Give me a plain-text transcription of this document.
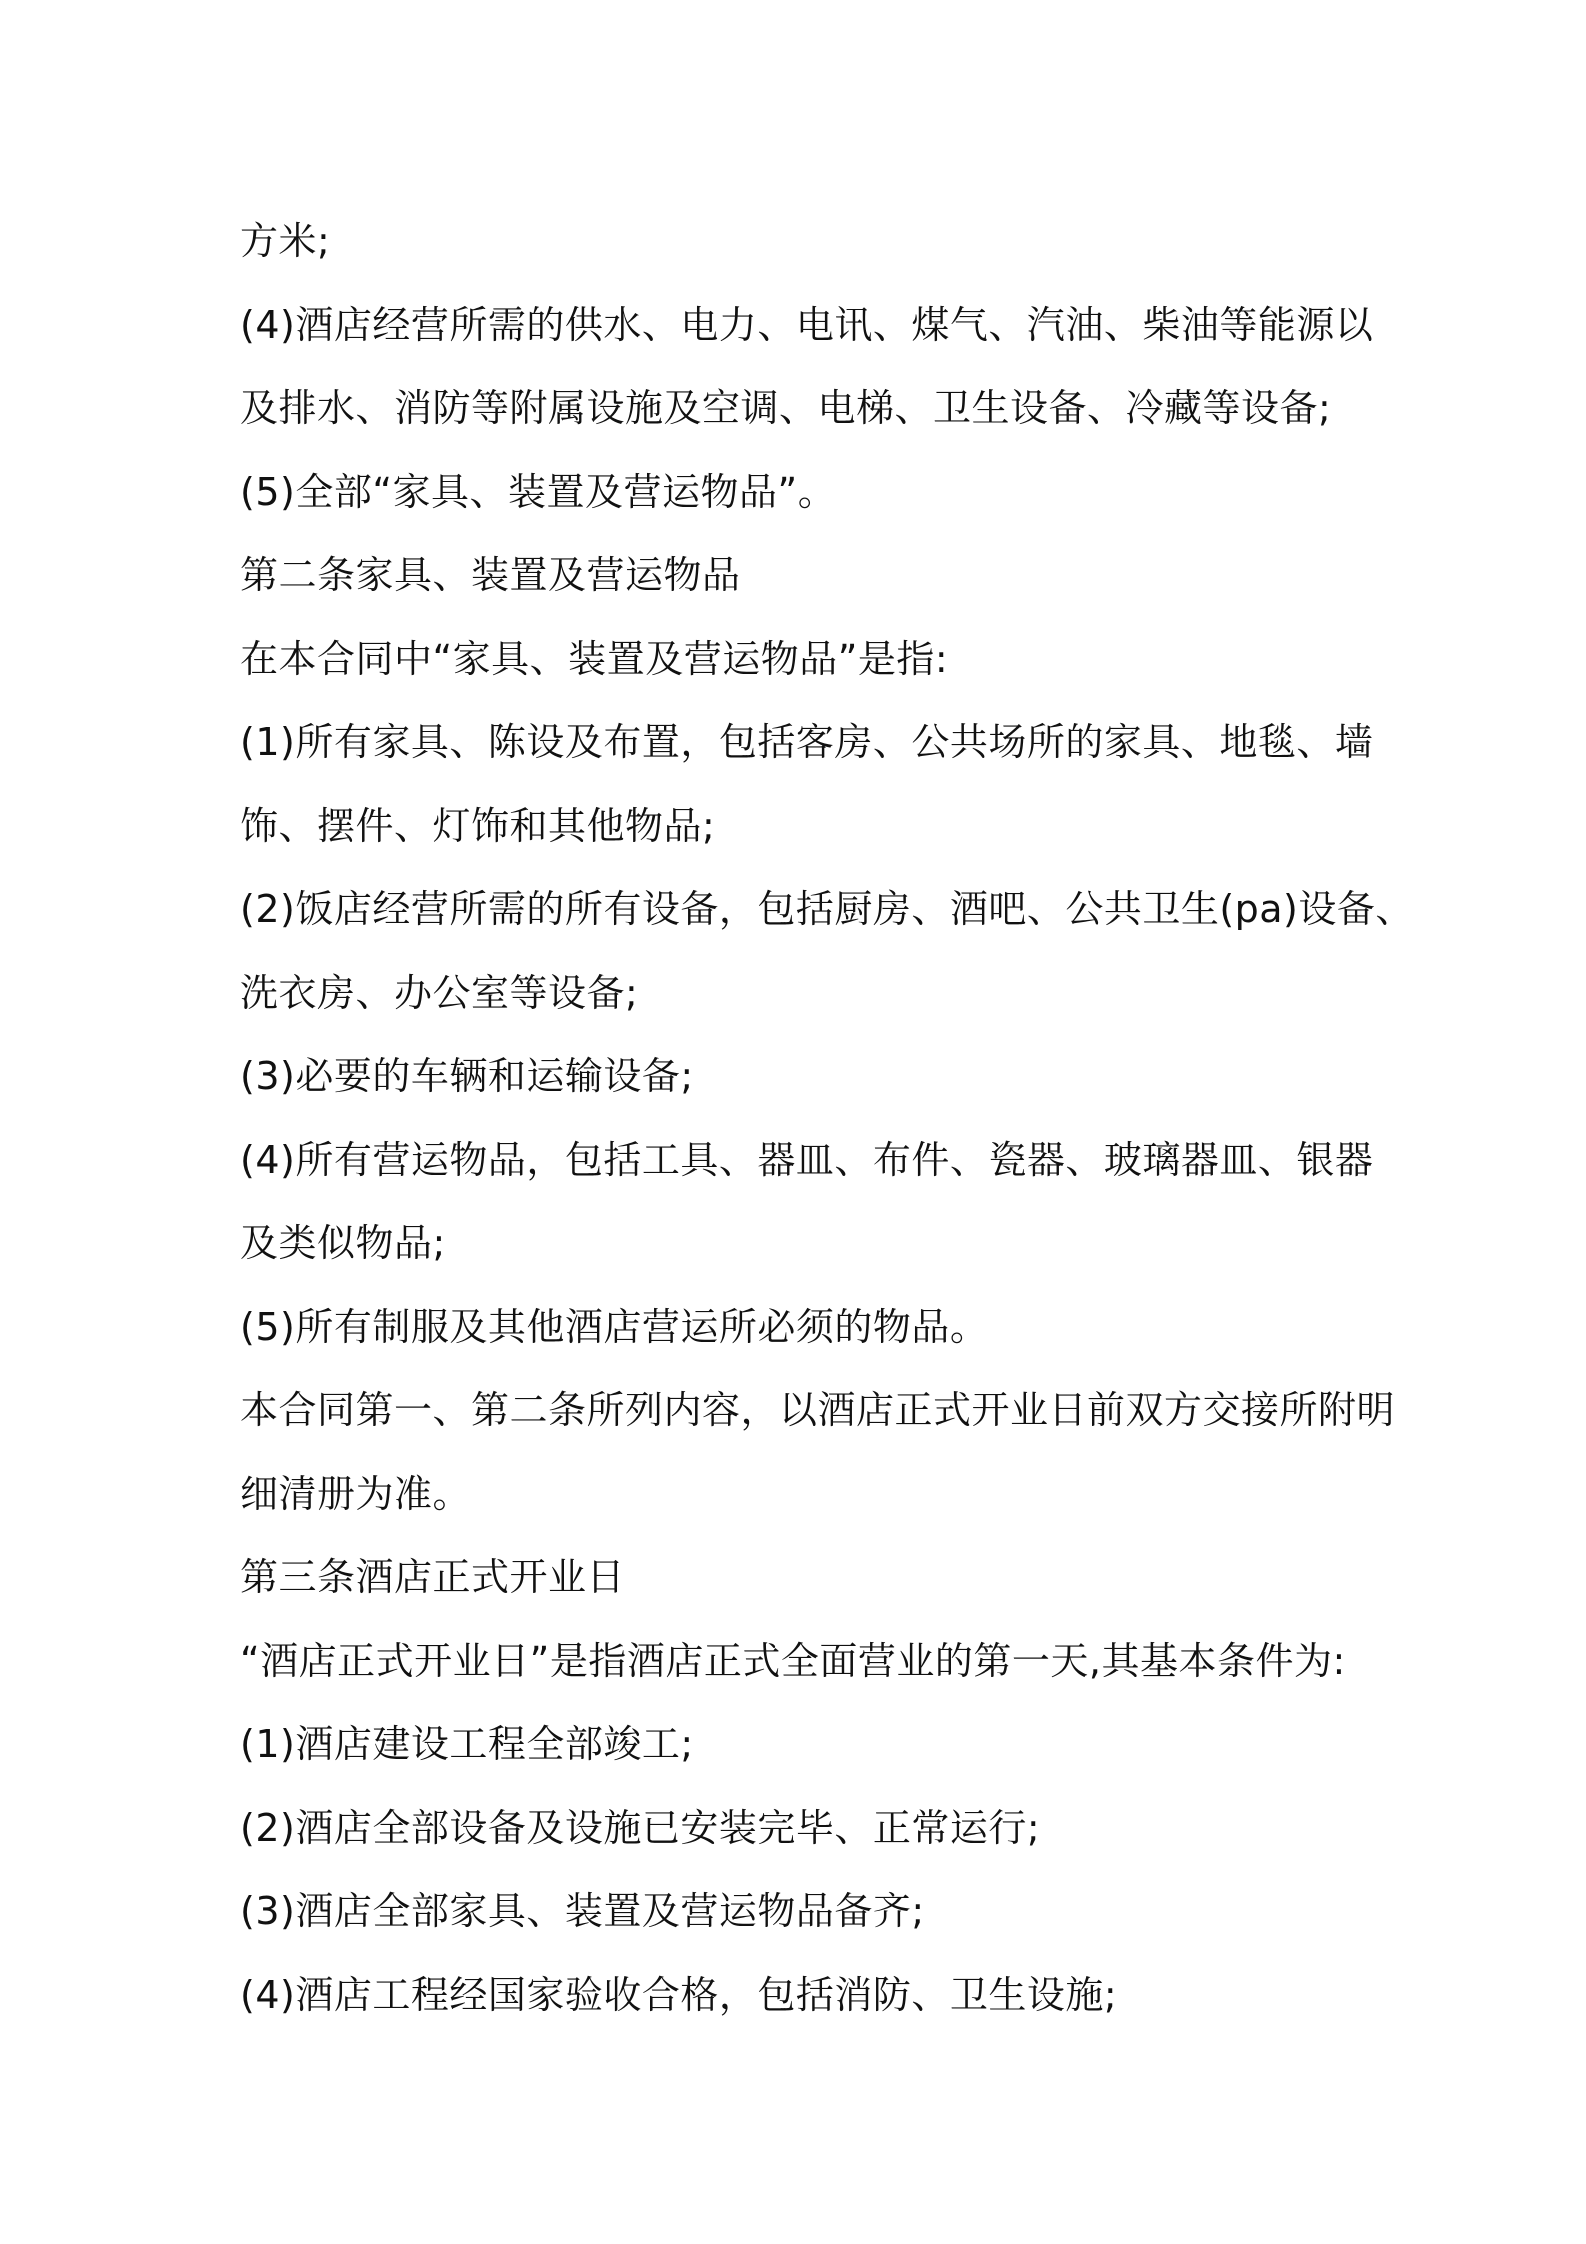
方米;
(4)酒店经营所需的供水、电力、电讯、煤气、汽油、柴油等能源以
及排水、消防等附属设施及空调、电梯、卫生设备、冷藏等设备;
(5)全部“家具、装置及营运物品”。
第二条家具、装置及营运物品
在本合同中“家具、装置及营运物品”是指:
(1)所有家具、陈设及布置，包括客房、公共场所的家具、地毯、墙
饰、摆件、灯饰和其他物品;
(2)饭店经营所需的所有设备，包括厨房、酒吧、公共卫生(pa)设备、
洗衣房、办公室等设备;
(3)必要的车辆和运输设备;
(4)所有营运物品，包括工具、器皿、布件、瓷器、玻璃器皿、银器
及类似物品;
(5)所有制服及其他酒店营运所必须的物品。
本合同第一、第二条所列内容，以酒店正式开业日前双方交接所附明
细清册为准。
第三条酒店正式开业日
“酒店正式开业日”是指酒店正式全面营业的第一天,其基本条件为:
(1)酒店建设工程全部竣工;
(2)酒店全部设备及设施已安装完毕、正常运行;
(3)酒店全部家具、装置及营运物品备齐;
(4)酒店工程经国家验收合格，包括消防、卫生设施;
